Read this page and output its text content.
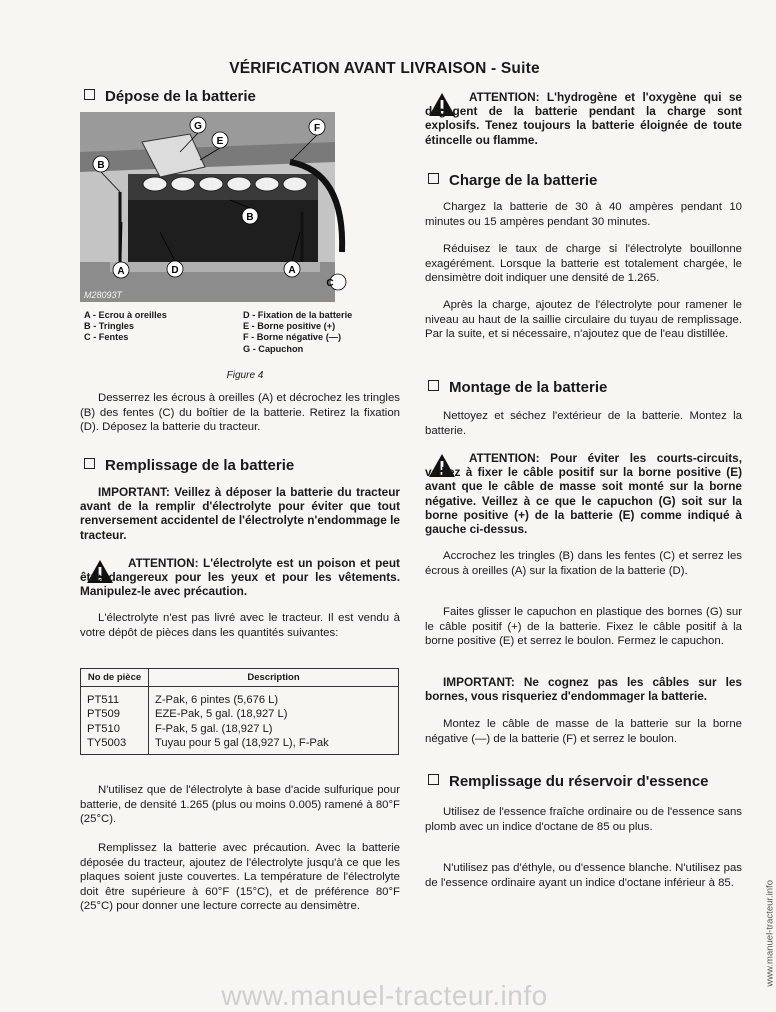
VÉRIFICATION AVANT LIVRAISON - Suite
Dépose de la batterie
G
E
F
B
B
A	D	A
C
M28093T
A - Ecrou à oreilles
B - Tringles
C - Fentes
D - Fixation de la batterie
E - Borne positive (+)
F - Borne négative (—)
G - Capuchon
Figure 4
Desserrez les écrous à oreilles (A) et décrochez les tringles (B) des fentes (C) du boîtier de la batterie. Retirez la fixation (D). Déposez la batterie du tracteur.
Remplissage de la batterie
IMPORTANT: Veillez à déposer la batterie du tracteur avant de la remplir d'électrolyte pour éviter que tout renversement accidentel de l'électrolyte n'endommage le tracteur.
ATTENTION: L'électrolyte est un poison et peut être dangereux pour les yeux et pour les vêtements. Manipulez-le avec précaution.
L'électrolyte n'est pas livré avec le tracteur. Il est vendu à votre dépôt de pièces dans les quantités suivantes:
No de pièce	Description
PT511	Z-Pak, 6 pintes (5,676 L)
PT509	EZE-Pak, 5 gal. (18,927 L)
PT510	F-Pak, 5 gal. (18,927 L)
TY5003	Tuyau pour 5 gal (18,927 L), F-Pak
N'utilisez que de l'électrolyte à base d'acide sulfurique pour batterie, de densité 1.265 (plus ou moins 0.005) ramené à 80°F (25°C).
Remplissez la batterie avec précaution. Avec la batterie déposée du tracteur, ajoutez de l'électrolyte jusqu'à ce que les plaques soient juste couvertes. La température de l'électrolyte doit être supérieure à 60°F (15°C), et de préférence 80°F (25°C) pour donner une lecture correcte au densimètre.
ATTENTION: L'hydrogène et l'oxygène qui se dégagent de la batterie pendant la charge sont explosifs. Tenez toujours la batterie éloignée de toute étincelle ou flamme.
Charge de la batterie
Chargez la batterie de 30 à 40 ampères pendant 10 minutes ou 15 ampères pendant 30 minutes.
Réduisez le taux de charge si l'électrolyte bouillonne exagérément. Lorsque la batterie est totalement chargée, le densimètre doit indiquer une densité de 1.265.
Après la charge, ajoutez de l'électrolyte pour ramener le niveau au haut de la saillie circulaire du tuyau de remplissage. Par la suite, et si nécessaire, n'ajoutez que de l'eau distillée.
Montage de la batterie
Nettoyez et séchez l'extérieur de la batterie. Montez la batterie.
ATTENTION: Pour éviter les courts-circuits, veillez à fixer le câble positif sur la borne positive (E) avant que le câble de masse soit monté sur la borne négative. Veillez à ce que le capuchon (G) soit sur la borne positive (+) de la batterie (E) comme indiqué à gauche ci-dessus.
Accrochez les tringles (B) dans les fentes (C) et serrez les écrous à oreilles (A) sur la fixation de la batterie (D).
Faites glisser le capuchon en plastique des bornes (G) sur le câble positif (+) de la batterie. Fixez le câble positif à la borne positive (E) et serrez le boulon. Fermez le capuchon.
IMPORTANT: Ne cognez pas les câbles sur les bornes, vous risqueriez d'endommager la batterie.
Montez le câble de masse de la batterie sur la borne négative (—) de la batterie (F) et serrez le boulon.
Remplissage du réservoir d'essence
Utilisez de l'essence fraîche ordinaire ou de l'essence sans plomb avec un indice d'octane de 85 ou plus.
N'utilisez pas d'éthyle, ou d'essence blanche. N'utilisez pas de l'essence ordinaire ayant un indice d'octane inférieur à 85.
www.manuel-tracteur.info
www.manuel-tracteur.info
